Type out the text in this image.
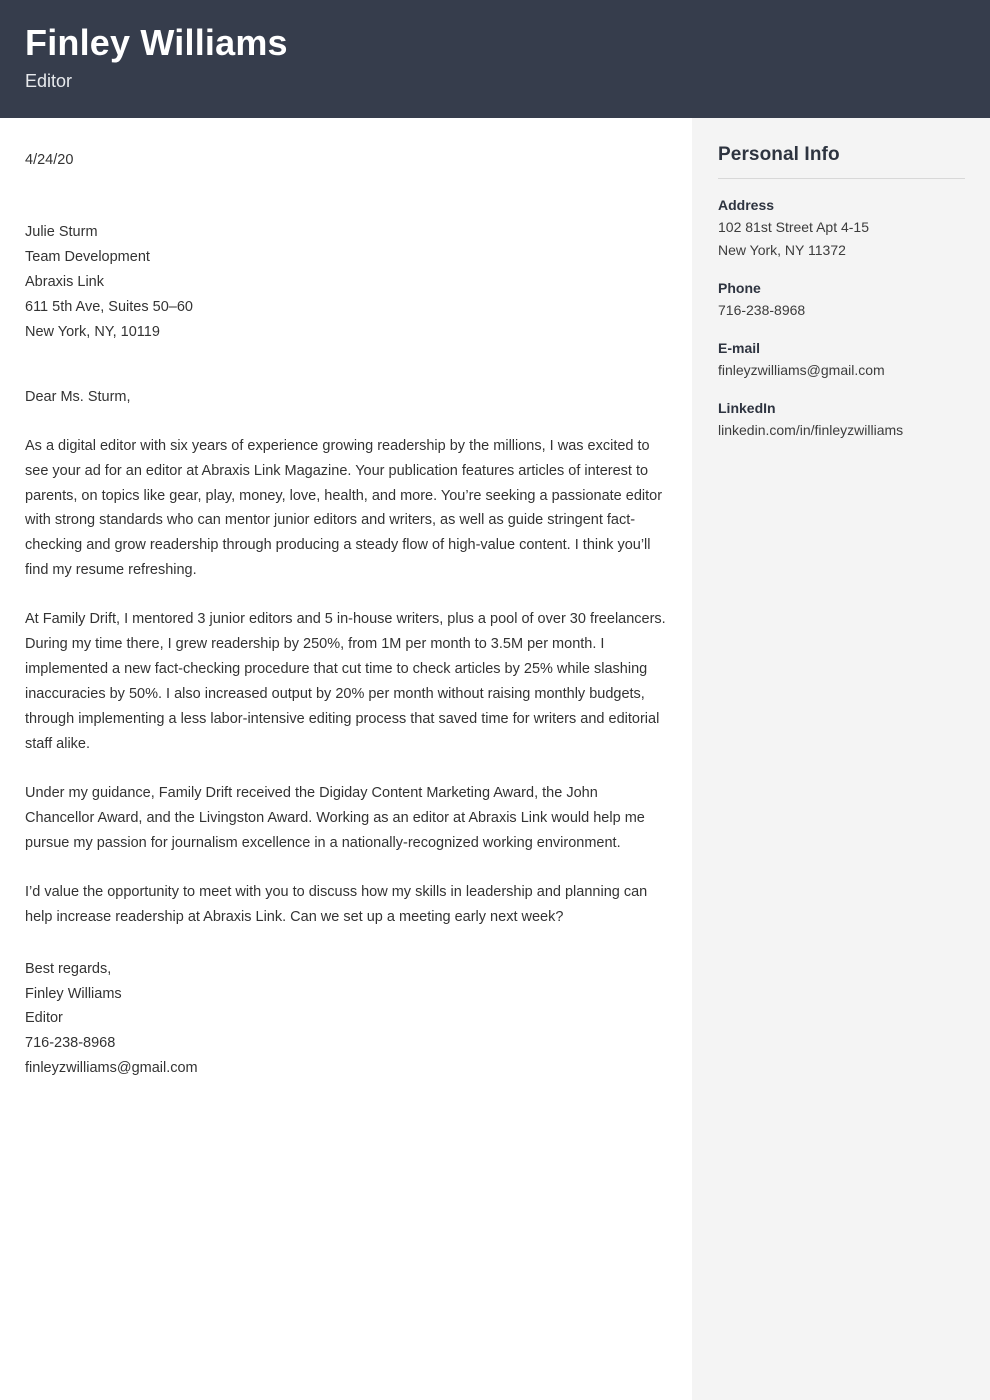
Finley Williams
Editor
4/24/20
Julie Sturm
Team Development
Abraxis Link
611 5th Ave, Suites 50–60
New York, NY, 10119
Dear Ms. Sturm,

As a digital editor with six years of experience growing readership by the millions, I was excited to see your ad for an editor at Abraxis Link Magazine. Your publication features articles of interest to parents, on topics like gear, play, money, love, health, and more. You’re seeking a passionate editor with strong standards who can mentor junior editors and writers, as well as guide stringent fact-checking and grow readership through producing a steady flow of high-value content. I think you’ll find my resume refreshing.

At Family Drift, I mentored 3 junior editors and 5 in-house writers, plus a pool of over 30 freelancers. During my time there, I grew readership by 250%, from 1M per month to 3.5M per month. I implemented a new fact-checking procedure that cut time to check articles by 25% while slashing inaccuracies by 50%. I also increased output by 20% per month without raising monthly budgets, through implementing a less labor-intensive editing process that saved time for writers and editorial staff alike.

Under my guidance, Family Drift received the Digiday Content Marketing Award, the John Chancellor Award, and the Livingston Award. Working as an editor at Abraxis Link would help me pursue my passion for journalism excellence in a nationally-recognized working environment.

I’d value the opportunity to meet with you to discuss how my skills in leadership and planning can help increase readership at Abraxis Link. Can we set up a meeting early next week?

Best regards,
Finley Williams
Editor
716-238-8968
finleyzwilliams@gmail.com
Personal Info
Address
102 81st Street Apt 4-15
New York, NY 11372
Phone
716-238-8968
E-mail
finleyzwilliams@gmail.com
LinkedIn
linkedin.com/in/finleyzwilliams
